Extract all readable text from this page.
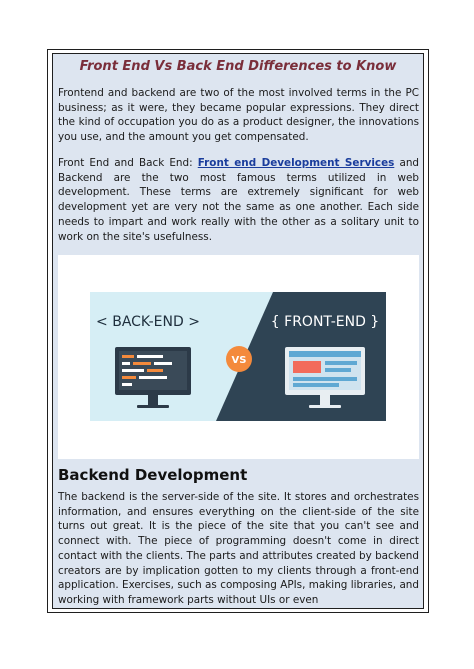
Front End Vs Back End Differences to Know

Frontend and backend are two of the most involved terms in the PC business; as it were, they became popular expressions. They direct the kind of occupation you do as a product designer, the innovations you use, and the amount you get compensated.

Front End and Back End: Front end Development Services and Backend are the two most famous terms utilized in web development. These terms are extremely significant for web development yet are very not the same as one another. Each side needs to impart and work really with the other as a solitary unit to work on the site's usefulness.

< BACK-END >	{ FRONT-END }
VS
Backend Development

The backend is the server-side of the site. It stores and orchestrates information, and ensures everything on the client-side of the site turns out great. It is the piece of the site that you can't see and connect with. The piece of programming doesn't come in direct contact with the clients. The parts and attributes created by backend creators are by implication gotten to my clients through a front-end application. Exercises, such as composing APIs, making libraries, and working with framework parts without UIs or even
